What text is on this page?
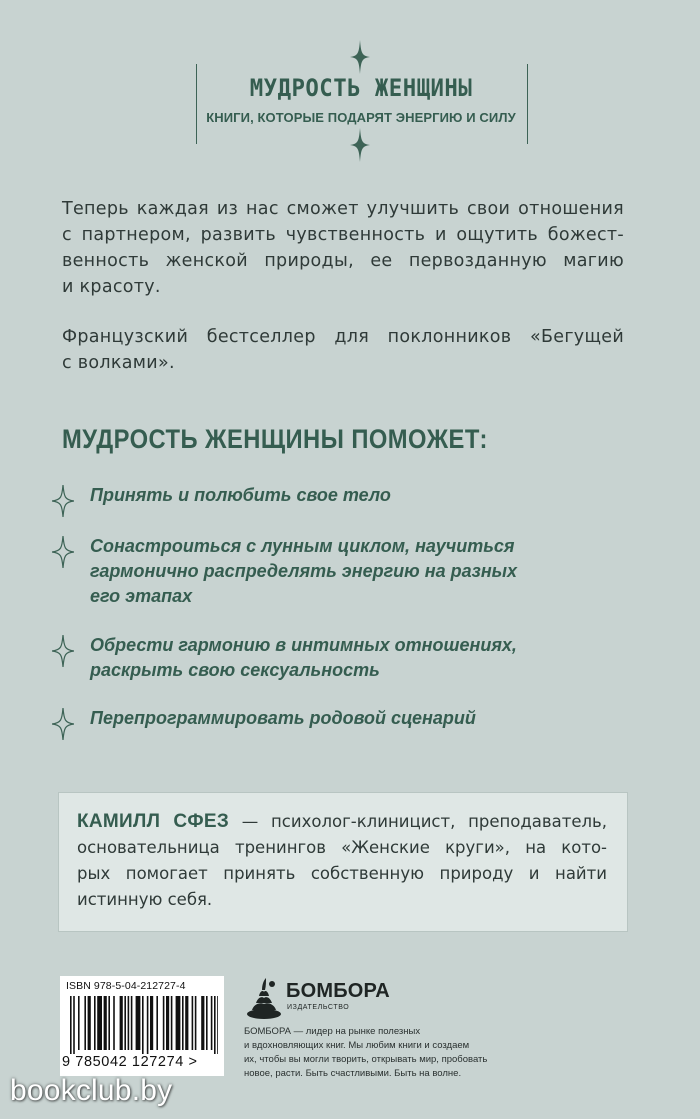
МУДРОСТЬ ЖЕНЩИНЫ
КНИГИ, КОТОРЫЕ ПОДАРЯТ ЭНЕРГИЮ И СИЛУ
Теперь каждая из нас сможет улучшить свои отношения
с партнером, развить чувственность и ощутить божест-
венность женской природы, ее первозданную магию
и красоту.
Французский бестселлер для поклонников «Бегущей
с волками».
МУДРОСТЬ ЖЕНЩИНЫ ПОМОЖЕТ:
Принять и полюбить свое тело
Сонастроиться с лунным циклом, научиться
гармонично распределять энергию на разных
его этапах
Обрести гармонию в интимных отношениях,
раскрыть свою сексуальность
Перепрограммировать родовой сценарий
КАМИЛЛ СФЕЗ — психолог-клиницист, преподаватель,
основательница тренингов «Женские круги», на кото-
рых помогает принять собственную природу и найти
истинную себя.
ISBN 978-5-04-212727-4
9 785042 127274 >
БОМБОРА
ИЗДАТЕЛЬСТВО
БОМБОРА — лидер на рынке полезных
и вдохновляющих книг. Мы любим книги и создаем
их, чтобы вы могли творить, открывать мир, пробовать
новое, расти. Быть счастливыми. Быть на волне.
bookclub.by
